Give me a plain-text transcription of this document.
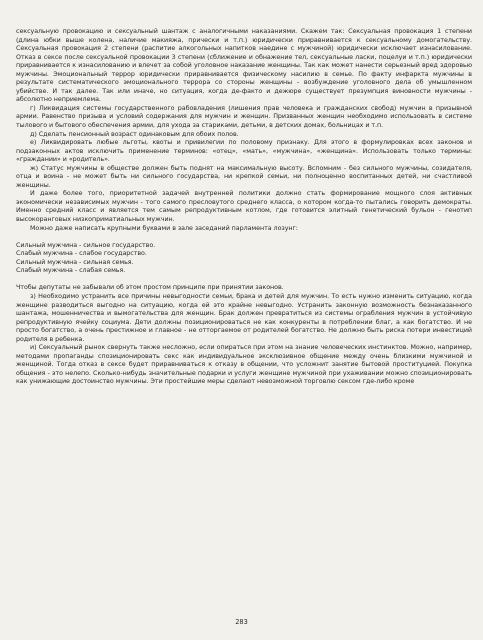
сексуальную провокацию и сексуальный шантаж с аналогичными наказаниями. Скажем так: Сексуальная провокация 1 степени (длина юбки выше колена, наличие макияжа, прически и т.п.) юридически приравнивается к сексуальному домогательству. Сексуальная провокация 2 степени (распитие алкогольных напитков наедине с мужчиной) юридически исключает изнасилование. Отказ в сексе после сексуальной провокации 3 степени (сближение и обнажение тел, сексуальные ласки, поцелуи и т.п.) юридически приравнивается к изнасилованию и влечет за собой уголовное наказание женщины. Так как может нанести серьезный вред здоровью мужчины. Эмоциональный террор юридически приравнивается физическому насилию в семье. По факту инфаркта мужчины в результате систематического эмоционального террора со стороны женщины - возбуждение уголовного дела об умышленном убийстве. И так далее. Так или иначе, но ситуация, когда де-факто и дежюре существует презумпция виновности мужчины - абсолютно неприемлема.

г) Ликвидация системы государственного рабовладения (лишения прав человека и гражданских свобод) мужчин в призывной армии. Равенство призыва и условий содержания для мужчин и женщин. Призванных женщин необходимо использовать в системе тылового и бытового обеспечения армии, для ухода за стариками, детьми, в детских домах, больницах и т.п.

д) Сделать пенсионный возраст одинаковым для обоих полов.

е) Ликвидировать любые льготы, квоты и привилегии по половому признаку. Для этого в формулировках всех законов и подзаконных актов исключить применение терминов: «отец», «мать», «мужчина», «женщина». Использовать только термины: «граждании» и «родитель».

ж) Статус мужчины в обществе должен быть поднят на максимальную высоту. Вспомним - без сильного мужчины, созидателя, отца и воина - не может быть ни сильного государства, ни крепкой семьи, ни полноценно воспитанных детей, ни счастливой женщины.

И даже более того, приоритетной задачей внутренней политики должно стать формирование мощного слоя активных экономически независимых мужчин - того самого пресловутого среднего класса, о котором когда-то пытались говорить демократы. Именно средний класс и является тем самым репродуктивным котлом, где готовится элитный генетический бульон - генотип высокоранговых низкоприматиальных мужчин.

Можно даже написать крупными буквами в зале заседаний парламента лозунг:

Сильный мужчина - сильное государство.

Слабый мужчина - слабое государство.

Сильный мужчина - сильная семья.

Слабый мужчина - слабая семья.

Чтобы депутаты не забывали об этом простом принципе при принятии законов.

з) Необходимо устранить все причины невыгодности семьи, брака и детей для мужчин. То есть нужно изменить ситуацию, когда женщине разводиться выгодно на ситуацию, когда ей это крайне невыгодно. Устранить законную возможность безнаказанного шантажа, мошенничества и вымогательства для женщин. Брак должен превратиться из системы ограбления мужчин в устойчивую репродуктивную ячейку социума. Дети должны позиционироваться не как конкуренты в потреблении благ, а как богатство. И не просто богатство, а очень престижное и главное - не отторгаемое от родителей богатство. Не должно быть риска потери инвестиций родителя в ребенка.

и) Сексуальный рынок свернуть также несложно, если опираться при этом на знание человеческих инстинктов. Можно, например, методами пропаганды спозиционировать секс как индивидуальное эксклюзивное общение между очень близкими мужчиной и женщиной. Тогда отказ в сексе будет приравниваться к отказу в общении, что усложнит занятие бытовой проституцией. Покупка общения - это нелепо. Сколько-нибудь значительные подарки и услуги женщине мужчиной при ухаживании можно спозиционировать как унижающие достоинство мужчины. Эти простейшие меры сделают невозможной торговлю сексом где-либо кроме

283
